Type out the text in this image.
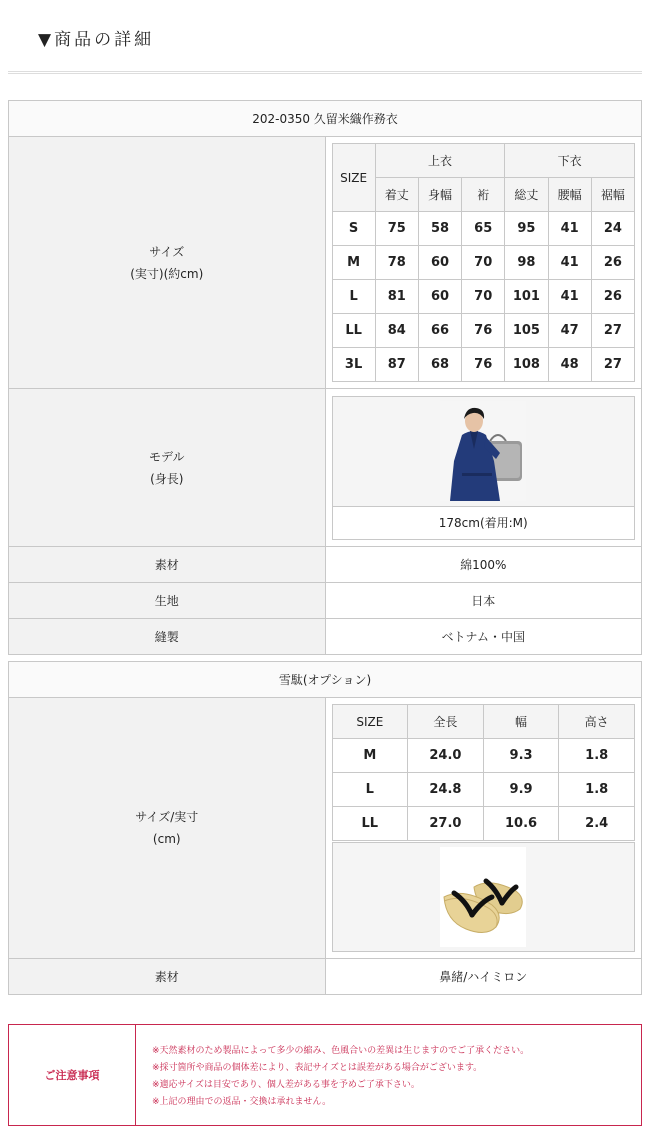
▼商品の詳細
202-0350 久留米織作務衣

サイズ
(実寸)(約cm)

SIZE	上衣	下衣
着丈	身幅	裄	総丈	腰幅	裾幅
S	75	58	65	95	41	24
M	78	60	70	98	41	26
L	81	60	70	101	41	26
LL	84	66	76	105	47	27
3L	87	68	76	108	48	27

モデル
(身長)

178cm(着用:M)

素材	綿100%
生地	日本
縫製	ベトナム・中国
雪駄(オプション)

サイズ/実寸
(cm)

SIZE	全長	幅	高さ
M	24.0	9.3	1.8
L	24.8	9.9	1.8
LL	27.0	10.6	2.4

素材	鼻緒/ハイミロン
ご注意事項
※天然素材のため製品によって多少の縮み、色風合いの差異は生じますのでご了承ください。
※採寸箇所や商品の個体差により、表記サイズとは誤差がある場合がございます。
※適応サイズは目安であり、個人差がある事を予めご了承下さい。
※上記の理由での返品・交換は承れません。
